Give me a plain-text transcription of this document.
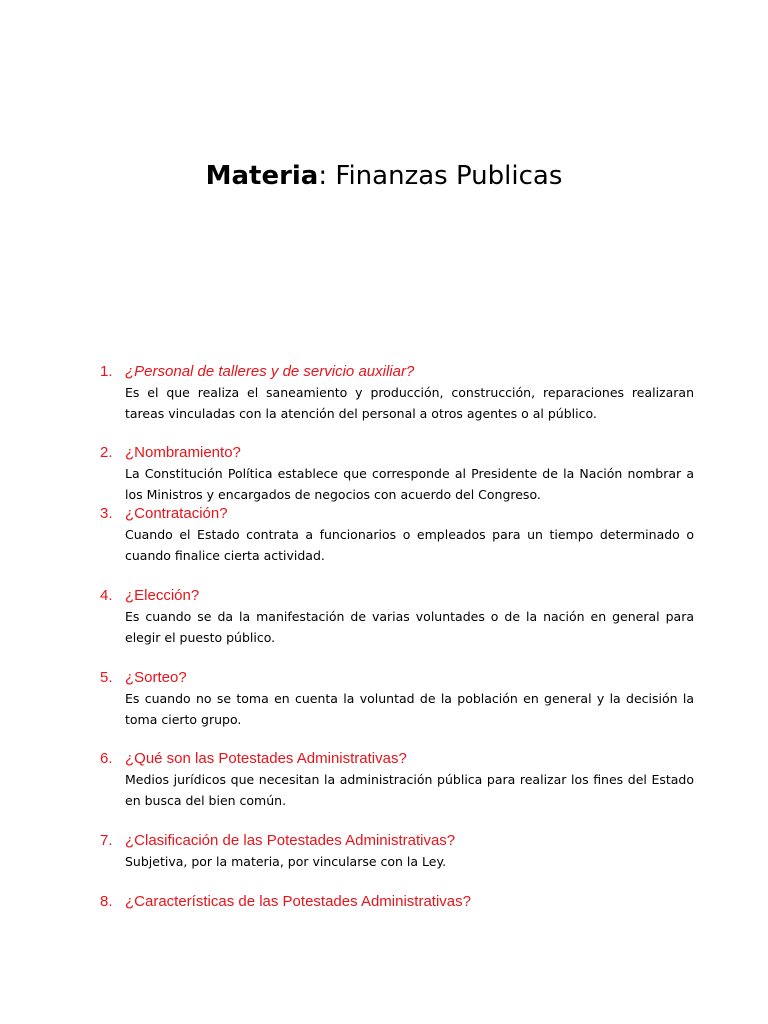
Materia: Finanzas Publicas
1. ¿Personal de talleres y de servicio auxiliar?
Es el que realiza el saneamiento y producción, construcción, reparaciones realizaran tareas vinculadas con la atención del personal a otros agentes o al público.
2. ¿Nombramiento?
La Constitución Política establece que corresponde al Presidente de la Nación nombrar a los Ministros y encargados de negocios con acuerdo del Congreso.
3. ¿Contratación?
Cuando el Estado contrata a funcionarios o empleados para un tiempo determinado o cuando finalice cierta actividad.
4. ¿Elección?
Es cuando se da la manifestación de varias voluntades o de la nación en general para elegir el puesto público.
5. ¿Sorteo?
Es cuando no se toma en cuenta la voluntad de la población en general y la decisión la toma cierto grupo.
6. ¿Qué son las Potestades Administrativas?
Medios jurídicos que necesitan la administración pública para realizar los fines del Estado en busca del bien común.
7. ¿Clasificación de las Potestades Administrativas?
Subjetiva, por la materia, por vincularse con la Ley.
8. ¿Características de las Potestades Administrativas?
